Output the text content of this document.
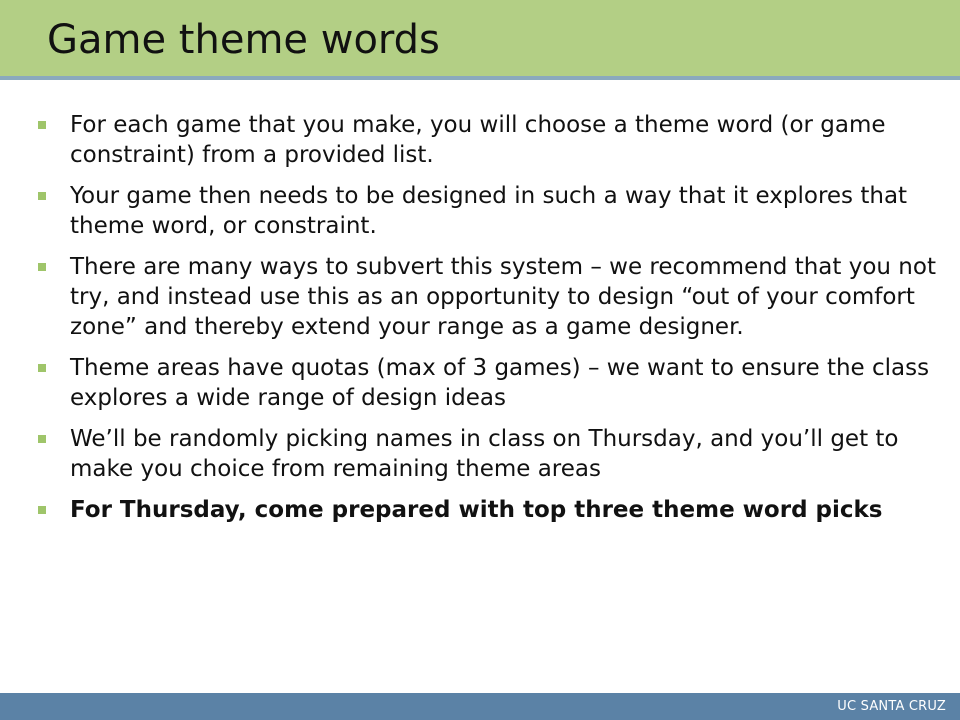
Game theme words
For each game that you make, you will choose a theme word (or game constraint) from a provided list.
Your game then needs to be designed in such a way that it explores that theme word, or constraint.
There are many ways to subvert this system – we recommend that you not try, and instead use this as an opportunity to design “out of your comfort zone” and thereby extend your range as a game designer.
Theme areas have quotas (max of 3 games) – we want to ensure the class explores a wide range of design ideas
We’ll be randomly picking names in class on Thursday, and you’ll get to make you choice from remaining theme areas
For Thursday, come prepared with top three theme word picks
UC SANTA CRUZ
